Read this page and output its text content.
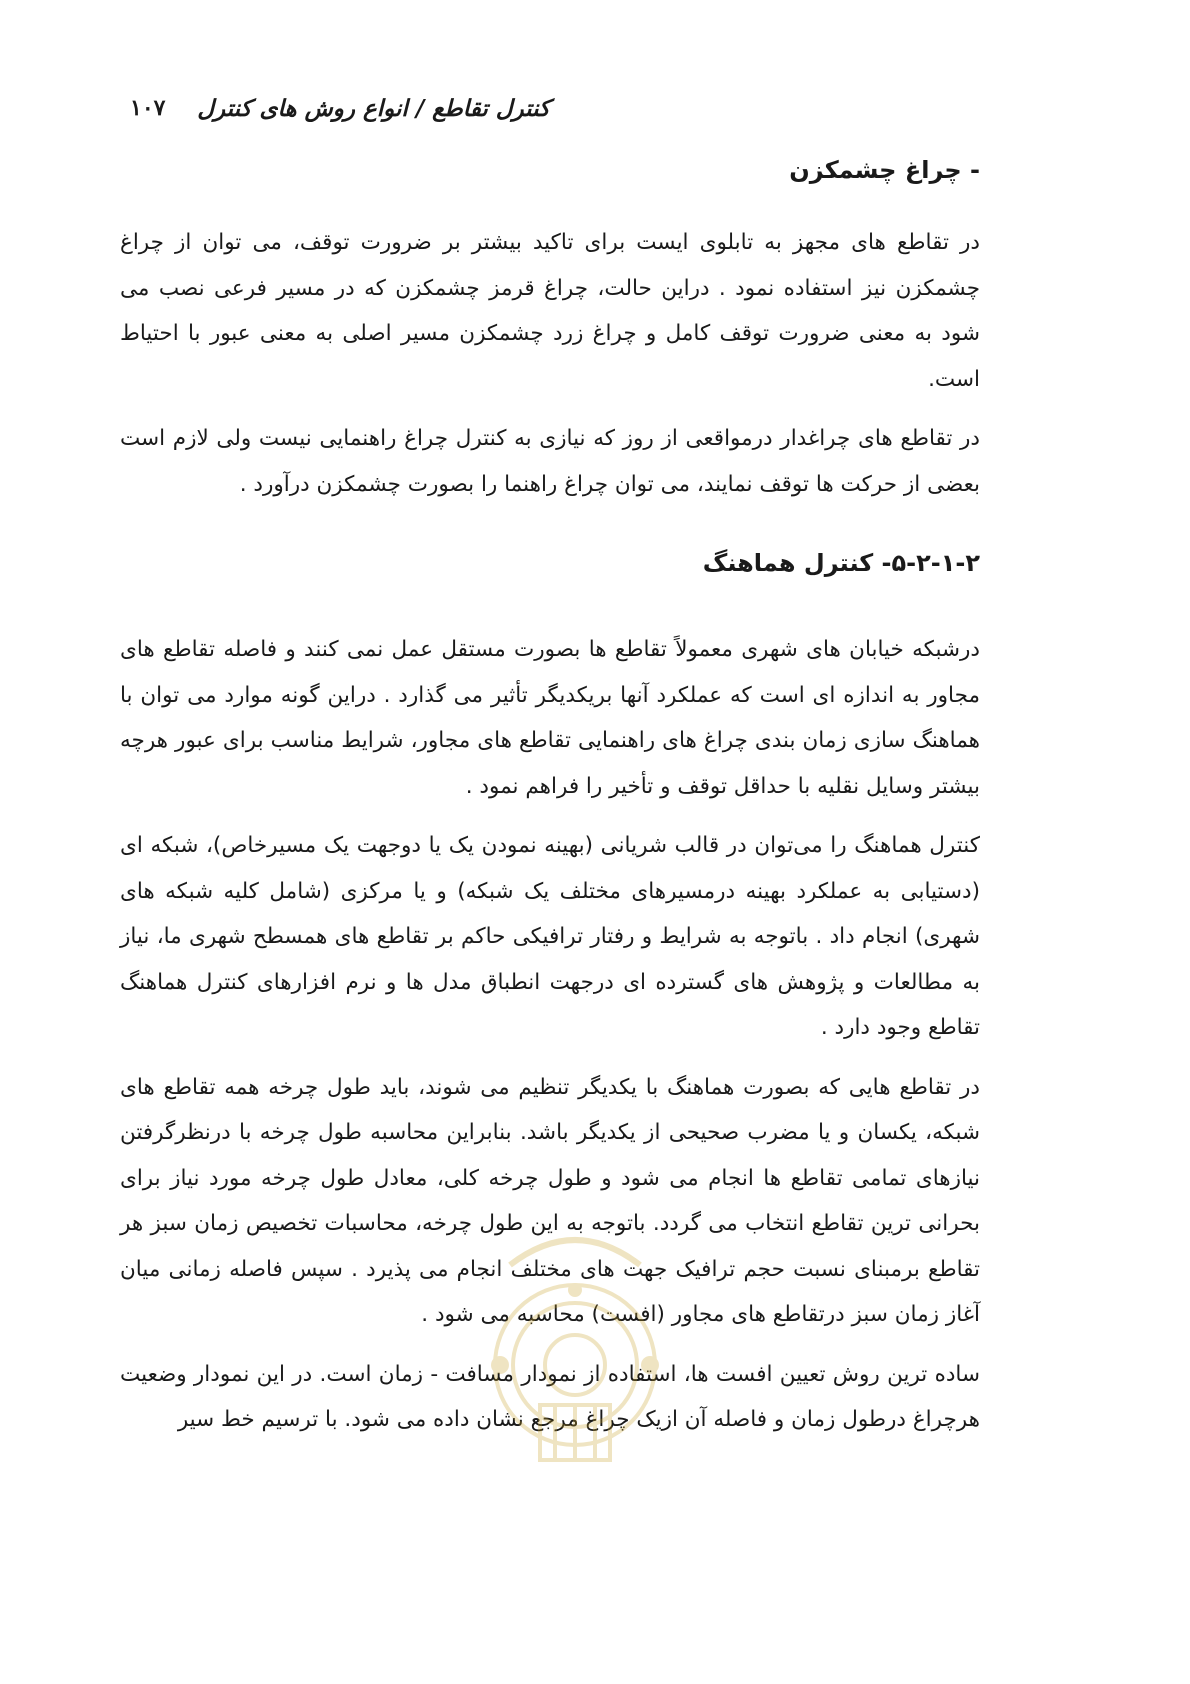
کنترل تقاطع / انواع روش های کنترل
۱۰۷
- چراغ چشمکزن

در تقاطع های مجهز به تابلوی ایست برای تاکید بیشتر بر ضرورت توقف، می توان از چراغ چشمکزن نیز استفاده نمود . دراین حالت، چراغ قرمز چشمکزن که در مسیر فرعی نصب می شود به معنی ضرورت توقف کامل و چراغ زرد چشمکزن مسیر اصلی به معنی عبور با احتیاط است.

در تقاطع های چراغدار درمواقعی از روز که نیازی به کنترل چراغ راهنمایی نیست ولی لازم است بعضی از حرکت ها توقف نمایند، می توان چراغ راهنما را بصورت چشمکزن درآورد .

۵-۲-۱-۲- کنترل هماهنگ

درشبکه خیابان های شهری معمولاً تقاطع ها بصورت مستقل عمل نمی کنند و فاصله تقاطع های مجاور به اندازه ای است که عملکرد آنها بریکدیگر تأثیر می گذارد . دراین گونه موارد می توان با هماهنگ سازی زمان بندی چراغ های راهنمایی تقاطع های مجاور، شرایط مناسب برای عبور هرچه بیشتر وسایل نقلیه با حداقل توقف و تأخیر را فراهم نمود .

کنترل هماهنگ را می‌توان در قالب شریانی (بهینه نمودن یک یا دوجهت یک مسیرخاص)، شبکه ای (دستیابی به عملکرد بهینه درمسیرهای مختلف یک شبکه) و یا مرکزی (شامل کلیه شبکه های شهری) انجام داد . باتوجه به شرایط و رفتار ترافیکی حاکم بر تقاطع های همسطح شهری ما، نیاز به مطالعات و پژوهش های گسترده ای درجهت انطباق مدل ها و نرم افزارهای کنترل هماهنگ تقاطع وجود دارد .

در تقاطع هایی که بصورت هماهنگ با یکدیگر تنظیم می شوند، باید طول چرخه همه تقاطع های شبکه، یکسان و یا مضرب صحیحی از یکدیگر باشد. بنابراین محاسبه طول چرخه با درنظرگرفتن نیازهای تمامی تقاطع ها انجام می شود و طول چرخه کلی، معادل طول چرخه مورد نیاز برای بحرانی ترین تقاطع انتخاب می گردد. باتوجه به این طول چرخه، محاسبات تخصیص زمان سبز هر تقاطع برمبنای نسبت حجم ترافیک جهت های مختلف انجام می پذیرد . سپس فاصله زمانی میان آغاز زمان سبز درتقاطع های مجاور (افست) محاسبه می شود .

ساده ترین روش تعیین افست ها، استفاده از نمودار مسافت - زمان است. در این نمودار وضعیت هرچراغ درطول زمان و فاصله آن ازیک چراغ مرجع نشان داده می شود. با ترسیم خط سیر
